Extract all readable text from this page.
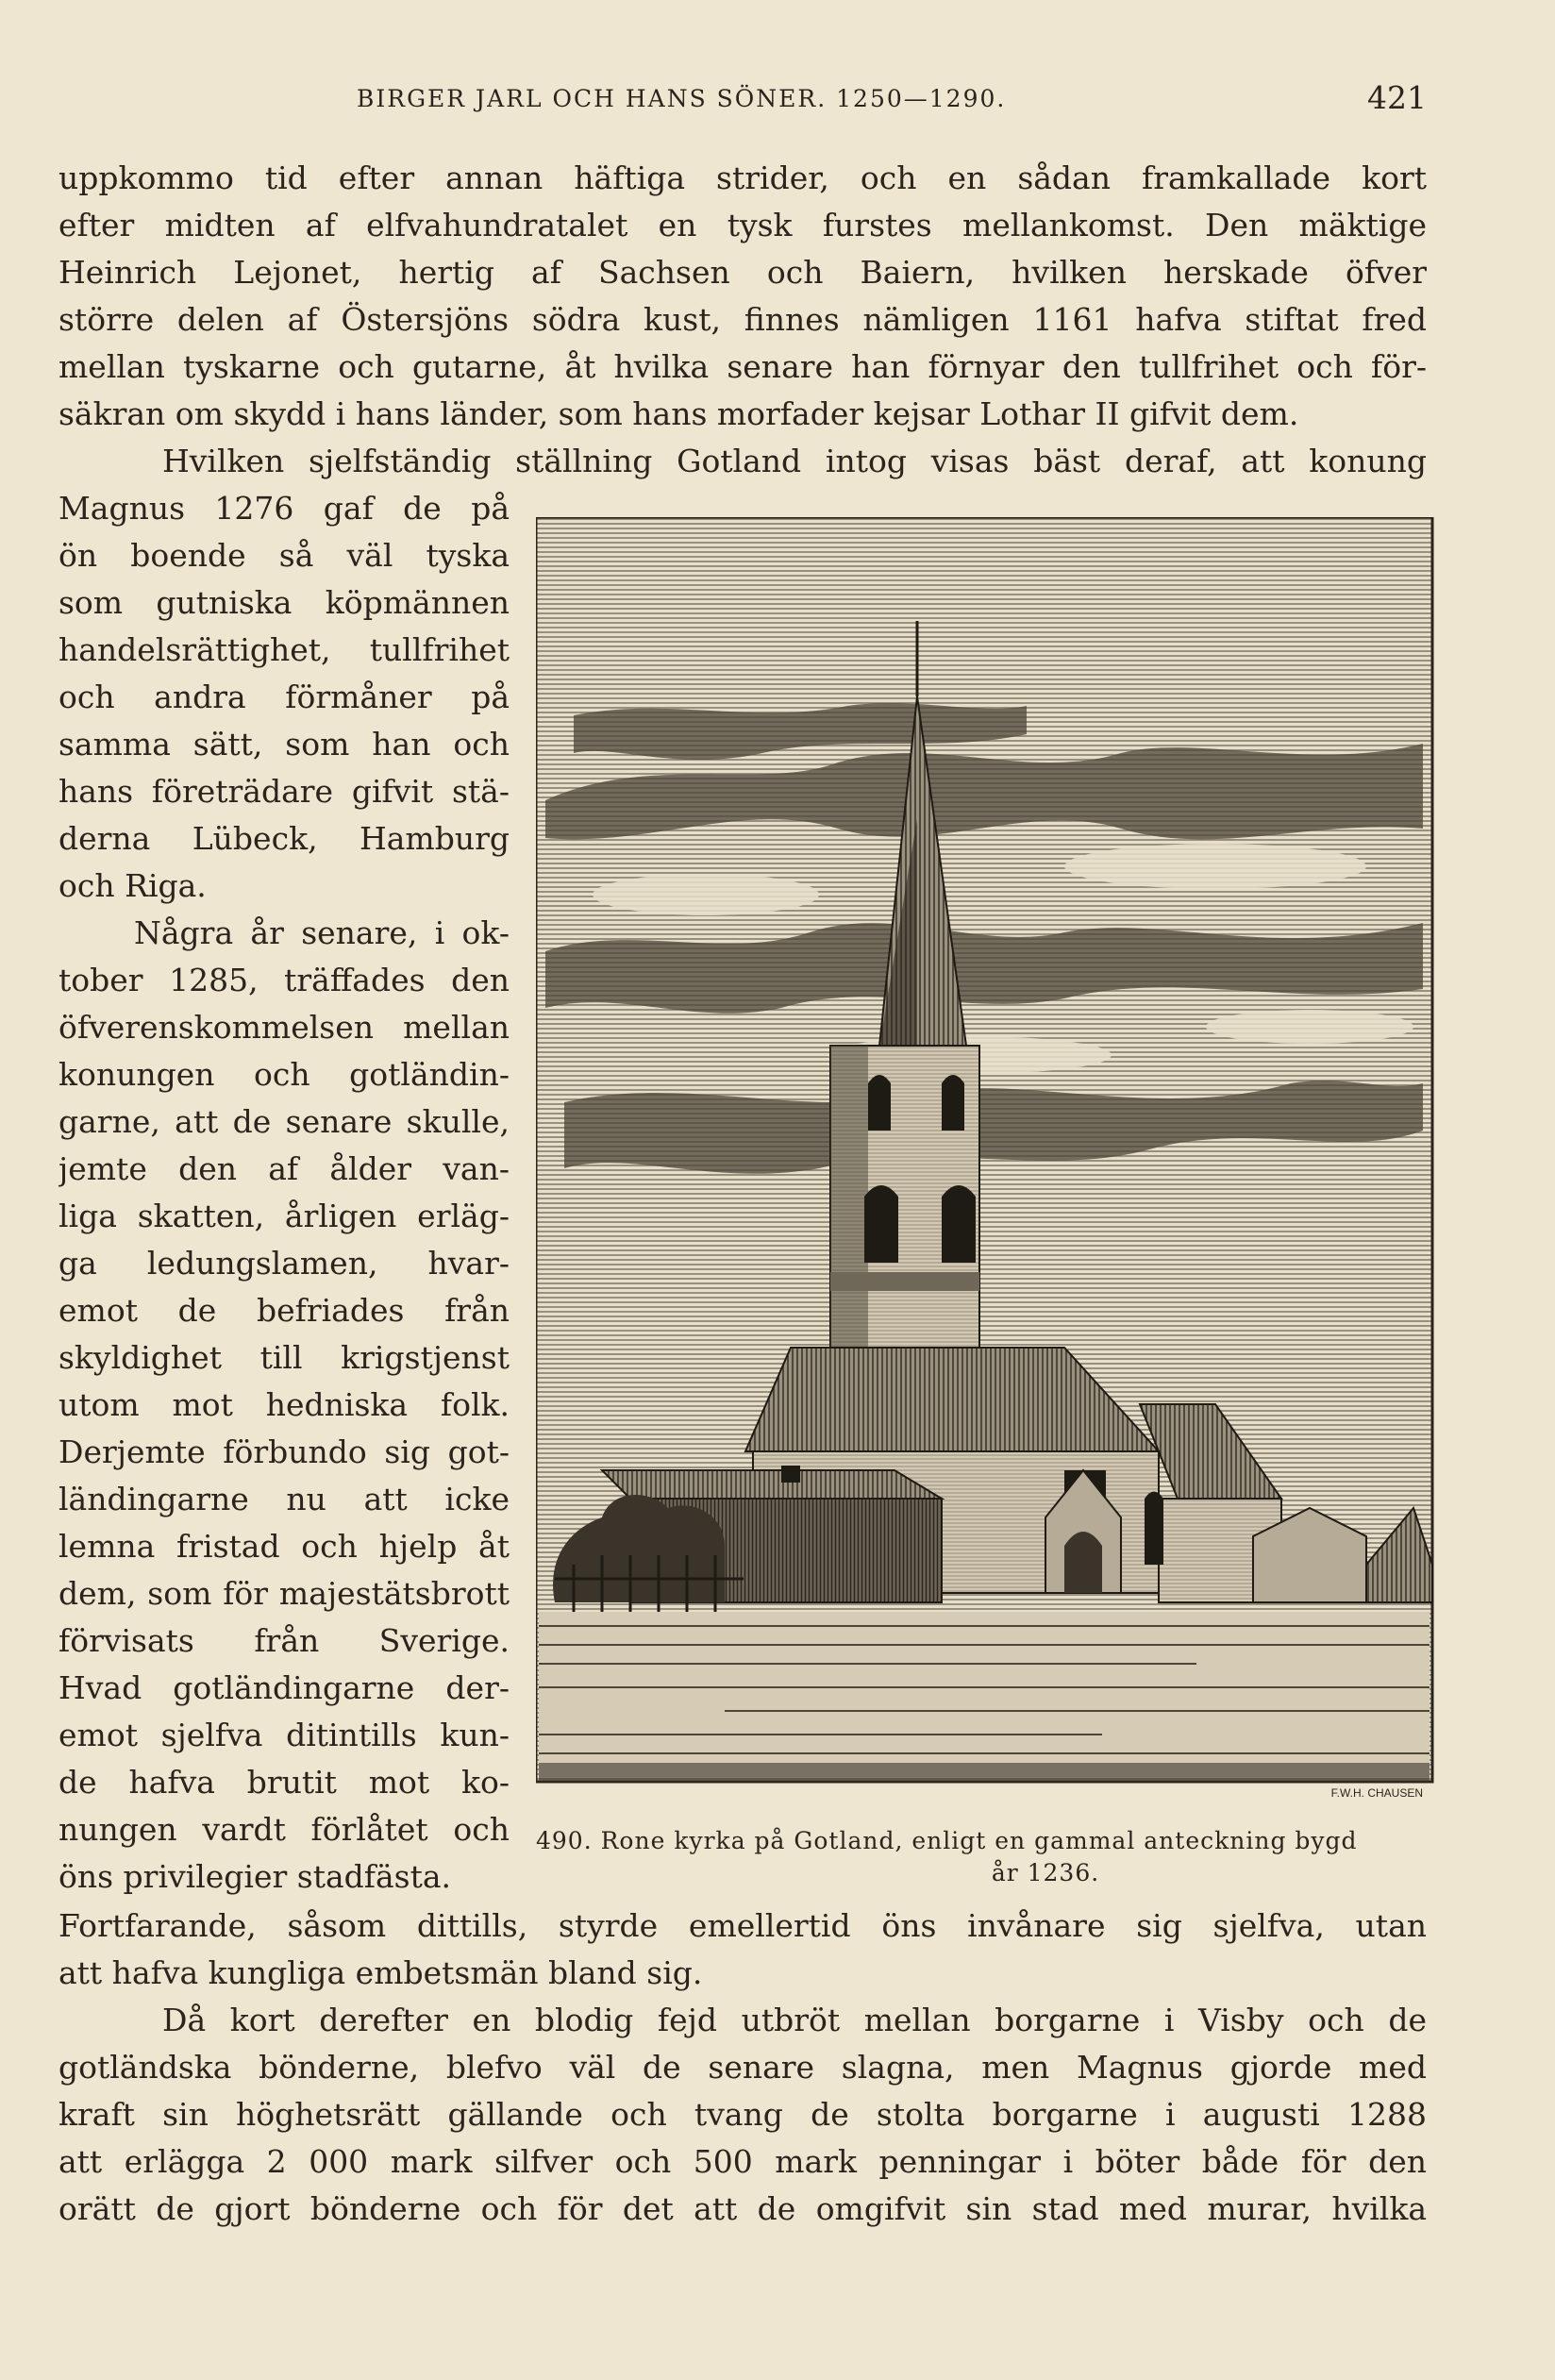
BIRGER JARL OCH HANS SÖNER. 1250—1290.	421
uppkommo tid efter annan häftiga strider, och en sådan framkallade kort
efter midten af elfvahundratalet en tysk furstes mellankomst. Den mäktige
Heinrich Lejonet, hertig af Sachsen och Baiern, hvilken herskade öfver
större delen af Östersjöns södra kust, finnes nämligen 1161 hafva stiftat fred
mellan tyskarne och gutarne, åt hvilka senare han förnyar den tullfrihet och för-
säkran om skydd i hans länder, som hans morfader kejsar Lothar II gifvit dem.
Hvilken sjelfständig ställning Gotland intog visas bäst deraf, att konung
Magnus 1276 gaf de på
ön boende så väl tyska
som gutniska köpmännen
handelsrättighet, tullfrihet
och andra förmåner på
samma sätt, som han och
hans företrädare gifvit stä-
derna Lübeck, Hamburg
och Riga.
Några år senare, i ok-
tober 1285, träffades den
öfverenskommelsen mellan
konungen och gotländin-
garne, att de senare skulle,
jemte den af ålder van-
liga skatten, årligen erläg-
ga ledungslamen, hvar-
emot de befriades från
skyldighet till krigstjenst
utom mot hedniska folk.
Derjemte förbundo sig got-
ländingarne nu att icke
lemna fristad och hjelp åt
dem, som för majestätsbrott
förvisats från Sverige.
Hvad gotländingarne der-
emot sjelfva ditintills kun-
de hafva brutit mot ko-
nungen vardt förlåtet och
öns privilegier stadfästa.
Fortfarande, såsom dittills, styrde emellertid öns invånare sig sjelfva, utan
att hafva kungliga embetsmän bland sig.
Då kort derefter en blodig fejd utbröt mellan borgarne i Visby och de
gotländska bönderne, blefvo väl de senare slagna, men Magnus gjorde med
kraft sin höghetsrätt gällande och tvang de stolta borgarne i augusti 1288
att erlägga 2 000 mark silfver och 500 mark penningar i böter både för den
orätt de gjort bönderne och för det att de omgifvit sin stad med murar, hvilka
F.W.H. CHAUSEN
490. Rone kyrka på Gotland, enligt en gammal anteckning bygd
år 1236.
